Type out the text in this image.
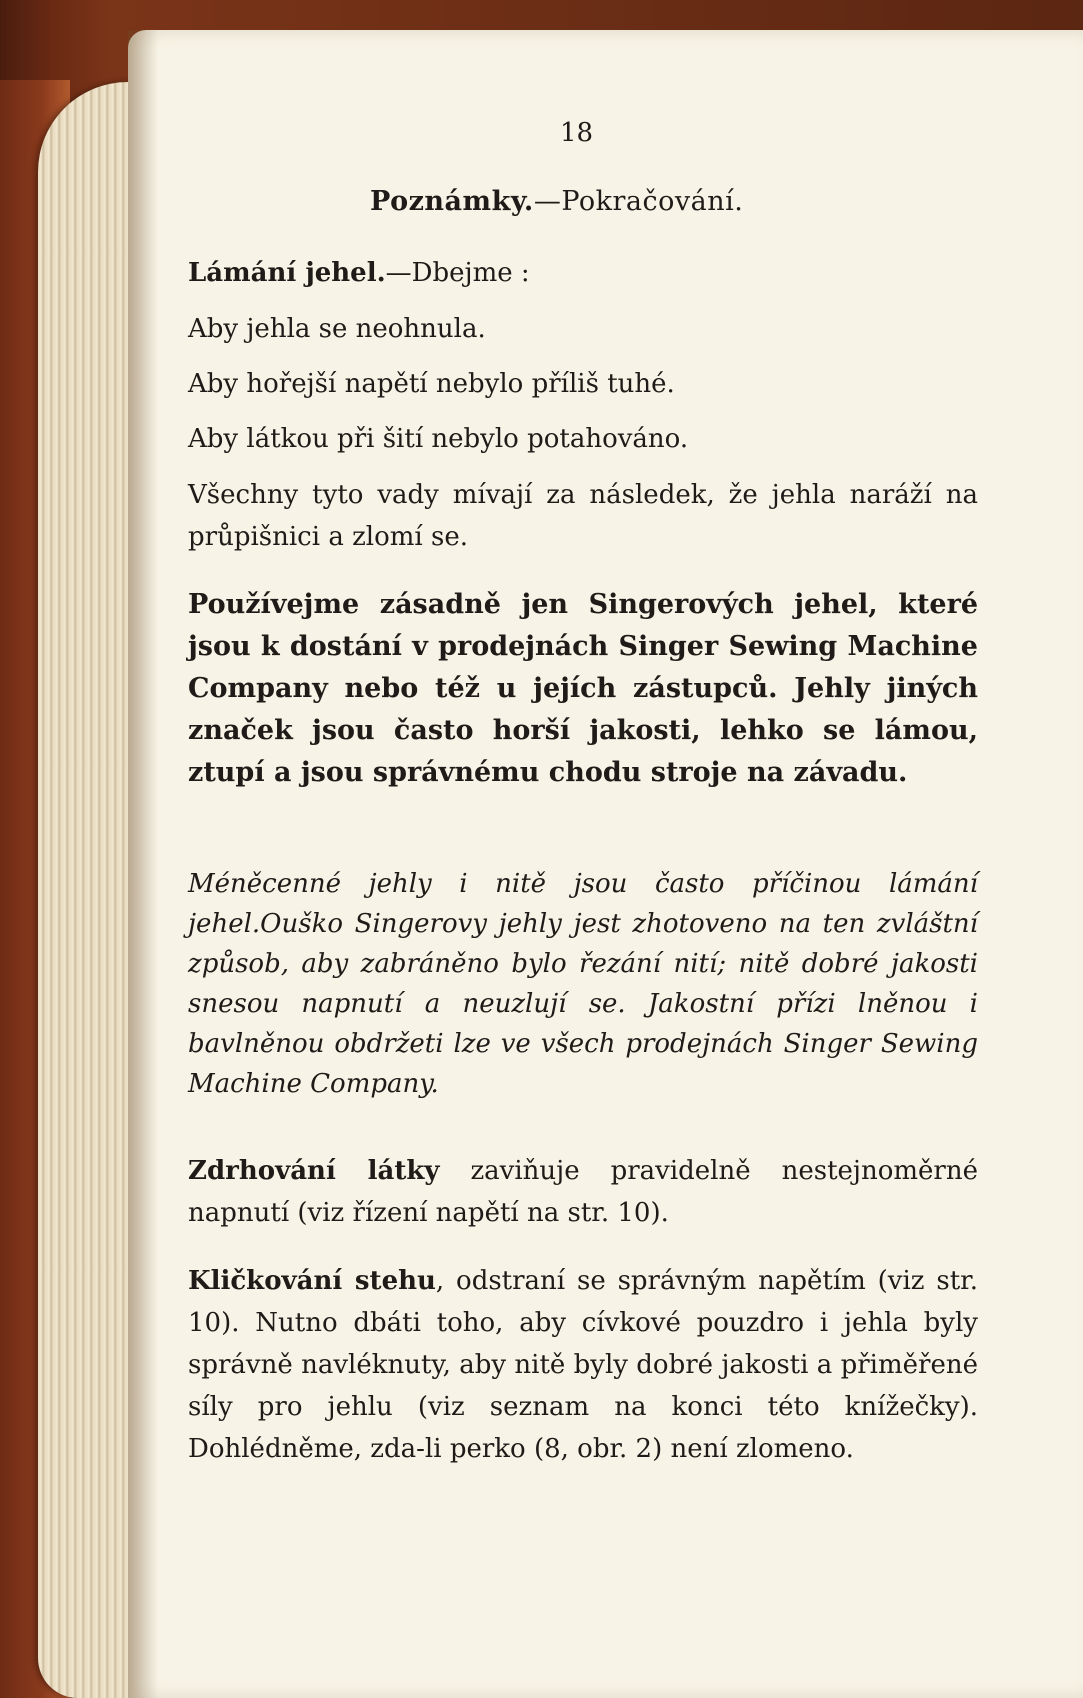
18
Poznámky.—Pokračování.
Lámání jehel.—Dbejme :
Aby jehla se neohnula.
Aby hořejší napětí nebylo příliš tuhé.
Aby látkou při šití nebylo potahováno.
Všechny tyto vady mívají za následek, že jehla naráží na průpišnici a zlomí se.
Používejme zásadně jen Singerových jehel, které jsou k dostání v prodejnách Singer Sewing Machine Company nebo též u jejích zástupců. Jehly jiných značek jsou často horší jakosti, lehko se lámou, ztupí a jsou správnému chodu stroje na závadu.
Méněcenné jehly i nitě jsou často příčinou lámání jehel.Ouško Singerovy jehly jest zhotoveno na ten zvláštní způsob, aby zabráněno bylo řezání nití; nitě dobré jakosti snesou napnutí a neuzlují se. Jakostní přízi lněnou i bavlněnou obdržeti lze ve všech prodejnách Singer Sewing Machine Company.
Zdrhování látky zaviňuje pravidelně nestejnoměrné napnutí (viz řízení napětí na str. 10).
Kličkování stehu, odstraní se správným napětím (viz str. 10). Nutno dbáti toho, aby cívkové pouzdro i jehla byly správně navléknuty, aby nitě byly dobré jakosti a přiměřené síly pro jehlu (viz seznam na konci této knížečky). Dohlédněme, zda-li perko (8, obr. 2) není zlomeno.
